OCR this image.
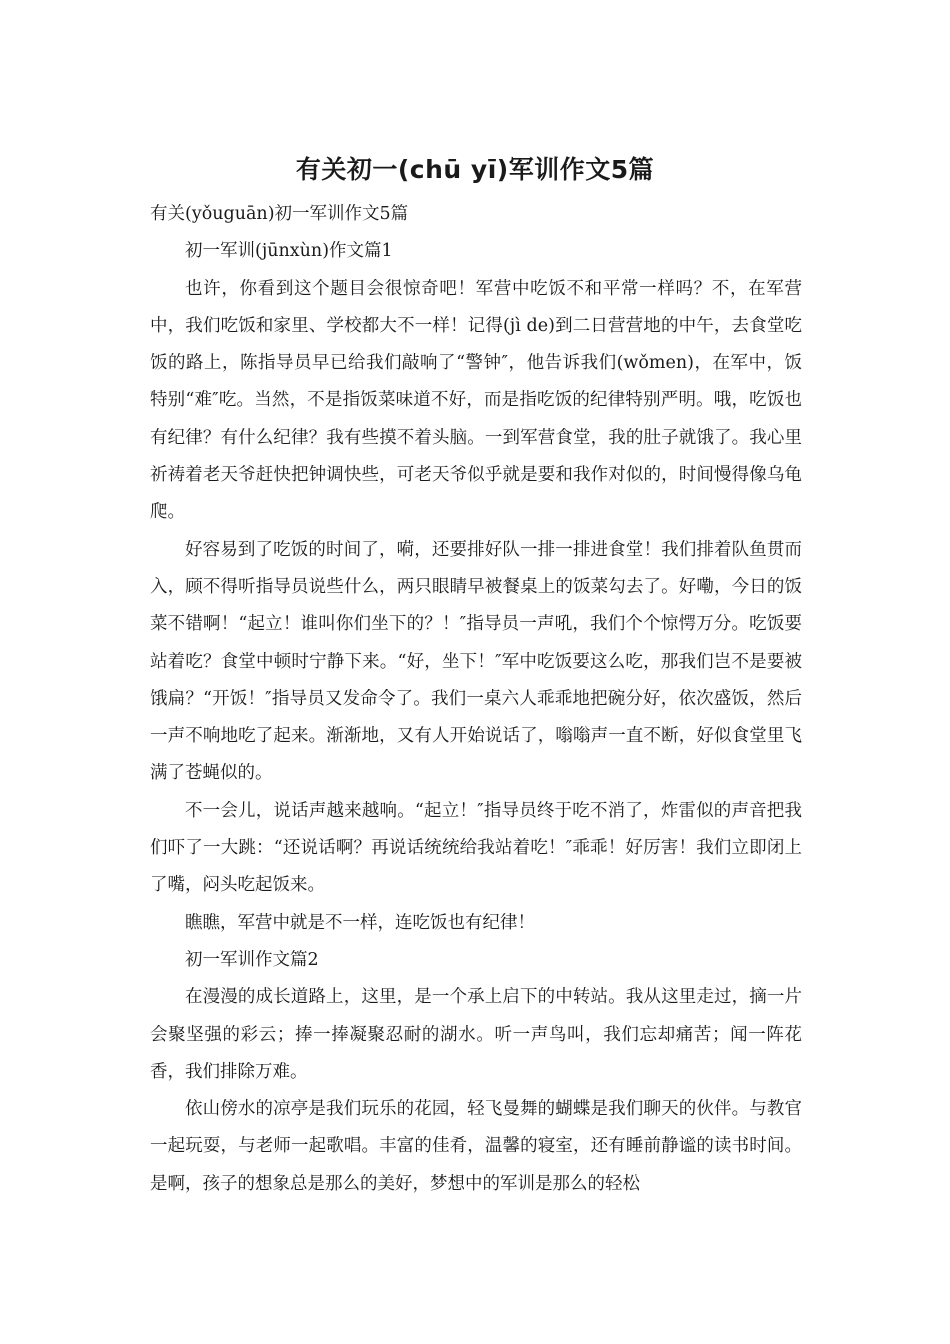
有关初一(chū yī)军训作文5篇

有关(yǒuguān)初一军训作文5篇

初一军训(jūnxùn)作文篇1

也许，你看到这个题目会很惊奇吧！军营中吃饭不和平常一样吗？不，在军营中，我们吃饭和家里、学校都大不一样！记得(jì de)到二日营营地的中午，去食堂吃饭的路上，陈指导员早已给我们敲响了“警钟″，他告诉我们(wǒmen)，在军中，饭特别“难″吃。当然，不是指饭菜味道不好，而是指吃饭的纪律特别严明。哦，吃饭也有纪律？有什么纪律？我有些摸不着头脑。一到军营食堂，我的肚子就饿了。我心里祈祷着老天爷赶快把钟调快些，可老天爷似乎就是要和我作对似的，时间慢得像乌龟爬。

好容易到了吃饭的时间了，嗬，还要排好队一排一排进食堂！我们排着队鱼贯而入，顾不得听指导员说些什么，两只眼睛早被餐桌上的饭菜勾去了。好嘞，今日的饭菜不错啊！“起立！谁叫你们坐下的？！″指导员一声吼，我们个个惊愕万分。吃饭要站着吃？食堂中顿时宁静下来。“好，坐下！″军中吃饭要这么吃，那我们岂不是要被饿扁？“开饭！″指导员又发命令了。我们一桌六人乖乖地把碗分好，依次盛饭，然后一声不响地吃了起来。渐渐地，又有人开始说话了，嗡嗡声一直不断，好似食堂里飞满了苍蝇似的。

不一会儿，说话声越来越响。“起立！″指导员终于吃不消了，炸雷似的声音把我们吓了一大跳：“还说话啊？再说话统统给我站着吃！″乖乖！好厉害！我们立即闭上了嘴，闷头吃起饭来。

瞧瞧，军营中就是不一样，连吃饭也有纪律！

初一军训作文篇2

在漫漫的成长道路上，这里，是一个承上启下的中转站。我从这里走过，摘一片会聚坚强的彩云；捧一捧凝聚忍耐的湖水。听一声鸟叫，我们忘却痛苦；闻一阵花香，我们排除万难。

依山傍水的凉亭是我们玩乐的花园，轻飞曼舞的蝴蝶是我们聊天的伙伴。与教官一起玩耍，与老师一起歌唱。丰富的佳肴，温馨的寝室，还有睡前静谧的读书时间。是啊，孩子的想象总是那么的美好，梦想中的军训是那么的轻松
